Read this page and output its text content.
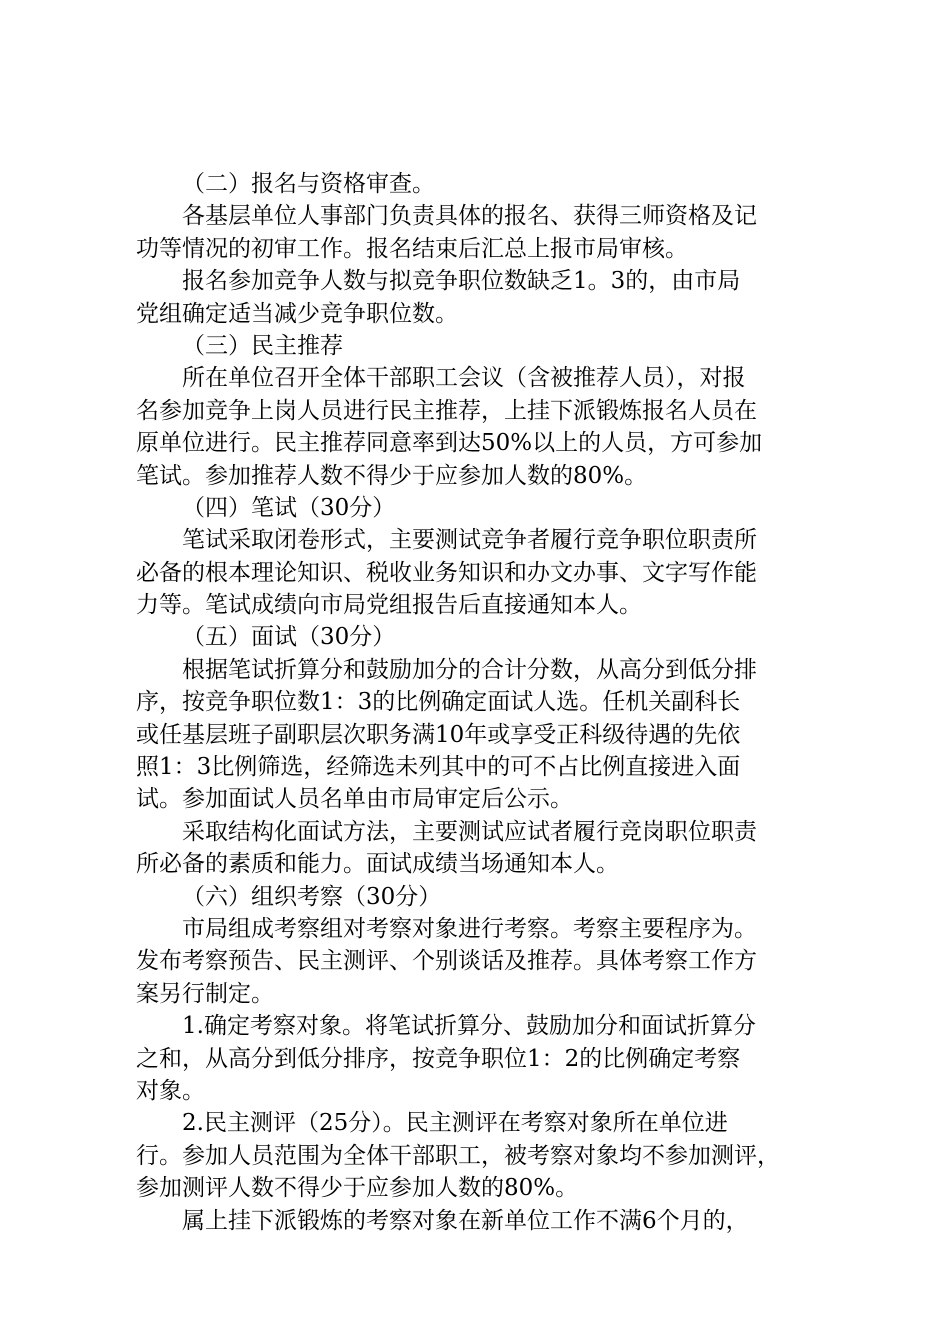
（二）报名与资格审查。
各基层单位人事部门负责具体的报名、获得三师资格及记
功等情况的初审工作。报名结束后汇总上报市局审核。
报名参加竞争人数与拟竞争职位数缺乏1。3的，由市局
党组确定适当减少竞争职位数。
（三）民主推荐
所在单位召开全体干部职工会议（含被推荐人员），对报
名参加竞争上岗人员进行民主推荐，上挂下派锻炼报名人员在
原单位进行。民主推荐同意率到达50%以上的人员，方可参加
笔试。参加推荐人数不得少于应参加人数的80%。
（四）笔试（30分）
笔试采取闭卷形式，主要测试竞争者履行竞争职位职责所
必备的根本理论知识、税收业务知识和办文办事、文字写作能
力等。笔试成绩向市局党组报告后直接通知本人。
（五）面试（30分）
根据笔试折算分和鼓励加分的合计分数，从高分到低分排
序，按竞争职位数1：3的比例确定面试人选。任机关副科长
或任基层班子副职层次职务满10年或享受正科级待遇的先依
照1：3比例筛选，经筛选未列其中的可不占比例直接进入面
试。参加面试人员名单由市局审定后公示。
采取结构化面试方法，主要测试应试者履行竞岗职位职责
所必备的素质和能力。面试成绩当场通知本人。
（六）组织考察（30分）
市局组成考察组对考察对象进行考察。考察主要程序为。
发布考察预告、民主测评、个别谈话及推荐。具体考察工作方
案另行制定。
1.确定考察对象。将笔试折算分、鼓励加分和面试折算分
之和，从高分到低分排序，按竞争职位1：2的比例确定考察
对象。
2.民主测评（25分）。民主测评在考察对象所在单位进
行。参加人员范围为全体干部职工，被考察对象均不参加测评，
参加测评人数不得少于应参加人数的80%。
属上挂下派锻炼的考察对象在新单位工作不满6个月的，
